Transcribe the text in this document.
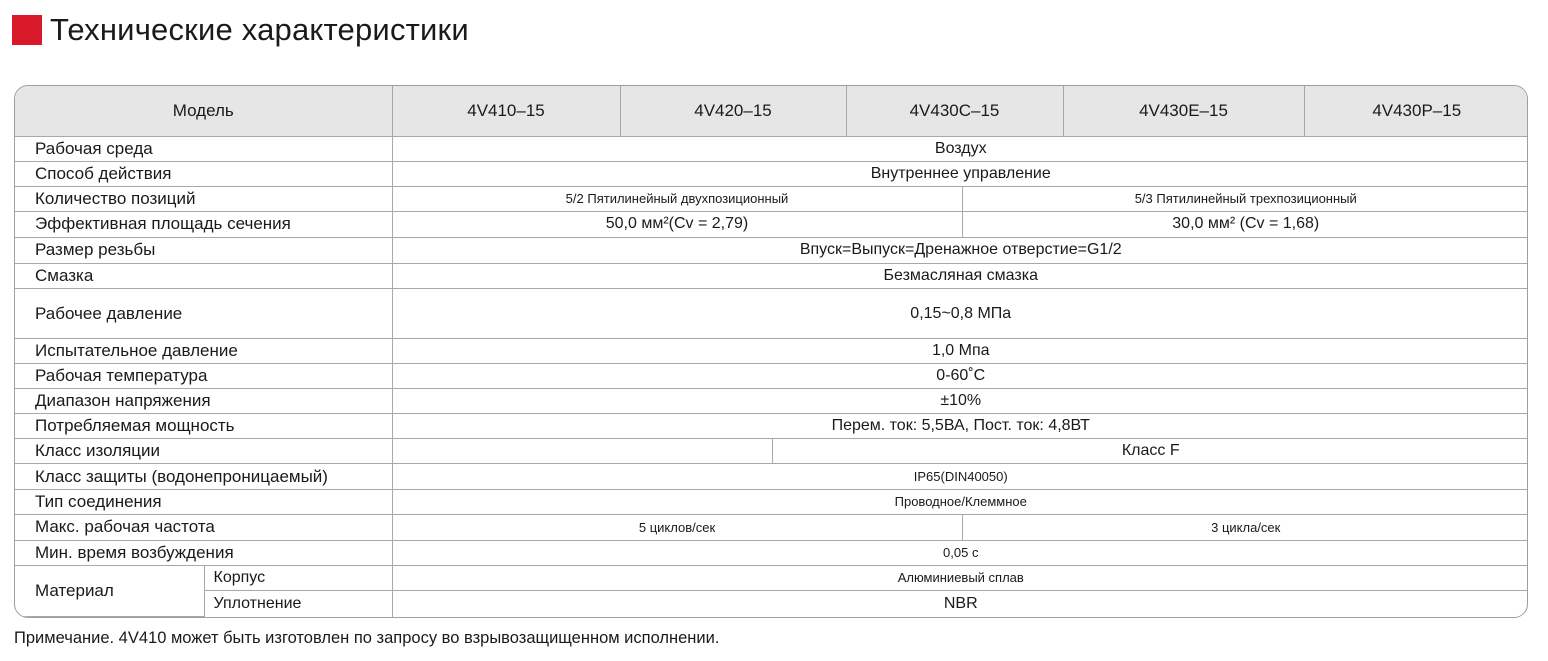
Технические характеристики
Модель		4V410–15	4V420–15		4V430C–15		4V430E–15	4V430P–15
Рабочая среда		Воздух						
Способ действия		Внутреннее управление						
Количество позиций		5/2 Пятилинейный двухпозиционный				5/3 Пятилинейный трехпозиционный		
Эффективная площадь сечения		50,0 мм²(Cv = 2,79)				30,0 мм² (Cv = 1,68)		
Размер резьбы		Впуск=Выпуск=Дренажное отверстие=G1/2						
Смазка		Безмасляная смазка						
Рабочее давление		0,15~0,8 МПа						
Испытательное давление		1,0 Мпа						
Рабочая температура		0-60˚C						
Диапазон напряжения		±10%						
Потребляемая мощность		Перем. ток: 5,5ВА, Пост. ток: 4,8ВТ						
Класс изоляции				Класс F				
Класс защиты (водонепроницаемый)		IP65(DIN40050)						
Тип соединения		Проводное/Клеммное						
Макс. рабочая частота		5 циклов/сек				3 цикла/сек		
Мин. время возбуждения		0,05 с						
Материал	Корпус	Алюминиевый сплав						
	Уплотнение	NBR						
Примечание. 4V410 может быть изготовлен по запросу во взрывозащищенном исполнении.
